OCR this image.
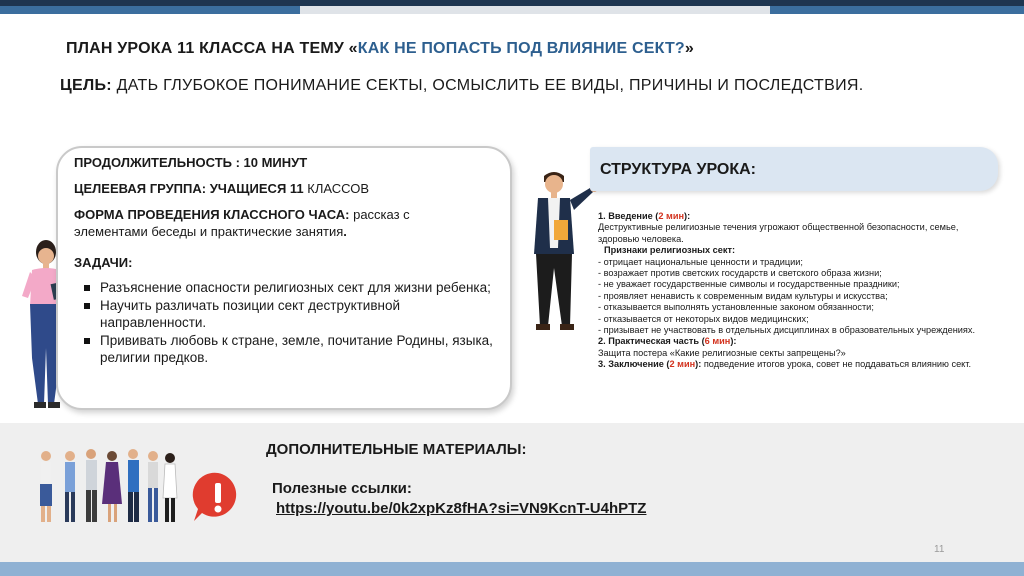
ПЛАН УРОКА 11 КЛАССА НА ТЕМУ «КАК НЕ ПОПАСТЬ ПОД ВЛИЯНИЕ СЕКТ?»
ЦЕЛЬ: ДАТЬ ГЛУБОКОЕ ПОНИМАНИЕ СЕКТЫ, ОСМЫСЛИТЬ ЕЕ ВИДЫ, ПРИЧИНЫ И ПОСЛЕДСТВИЯ.
ПРОДОЛЖИТЕЛЬНОСТЬ : 10 МИНУТ
ЦЕЛЕЕВАЯ ГРУППА: УЧАЩИЕСЯ 11 КЛАССОВ
ФОРМА ПРОВЕДЕНИЯ КЛАССНОГО ЧАСА: рассказ с
элементами беседы и практические занятия.
ЗАДАЧИ:
Разъяснение опасности религиозных сект для жизни ребенка;
Научить различать позиции сект деструктивной направленности.
Прививать любовь к стране, земле, почитание Родины, языка, религии предков.
СТРУКТУРА УРОКА:
1. Введение (2 мин):
Деструктивные религиозные течения угрожают общественной безопасности, семье, здоровью человека.
Признаки религиозных сект:
- отрицает национальные ценности и традиции;
- возражает против светских государств и светского образа жизни;
- не уважает государственные символы и государственные праздники;
- проявляет ненависть к современным видам культуры и искусства;
- отказывается выполнять установленные законом обязанности;
- отказывается от некоторых видов медицинских;
- призывает не участвовать в отдельных дисциплинах в образовательных учреждениях.
2. Практическая часть (6 мин):
Защита постера «Какие религиозные секты запрещены?»
3. Заключение (2 мин): подведение итогов урока, совет не поддаваться влиянию сект.
ДОПОЛНИТЕЛЬНЫЕ МАТЕРИАЛЫ:
Полезные ссылки:
https://youtu.be/0k2xpKz8fHA?si=VN9KcnT-U4hPTZ
11
